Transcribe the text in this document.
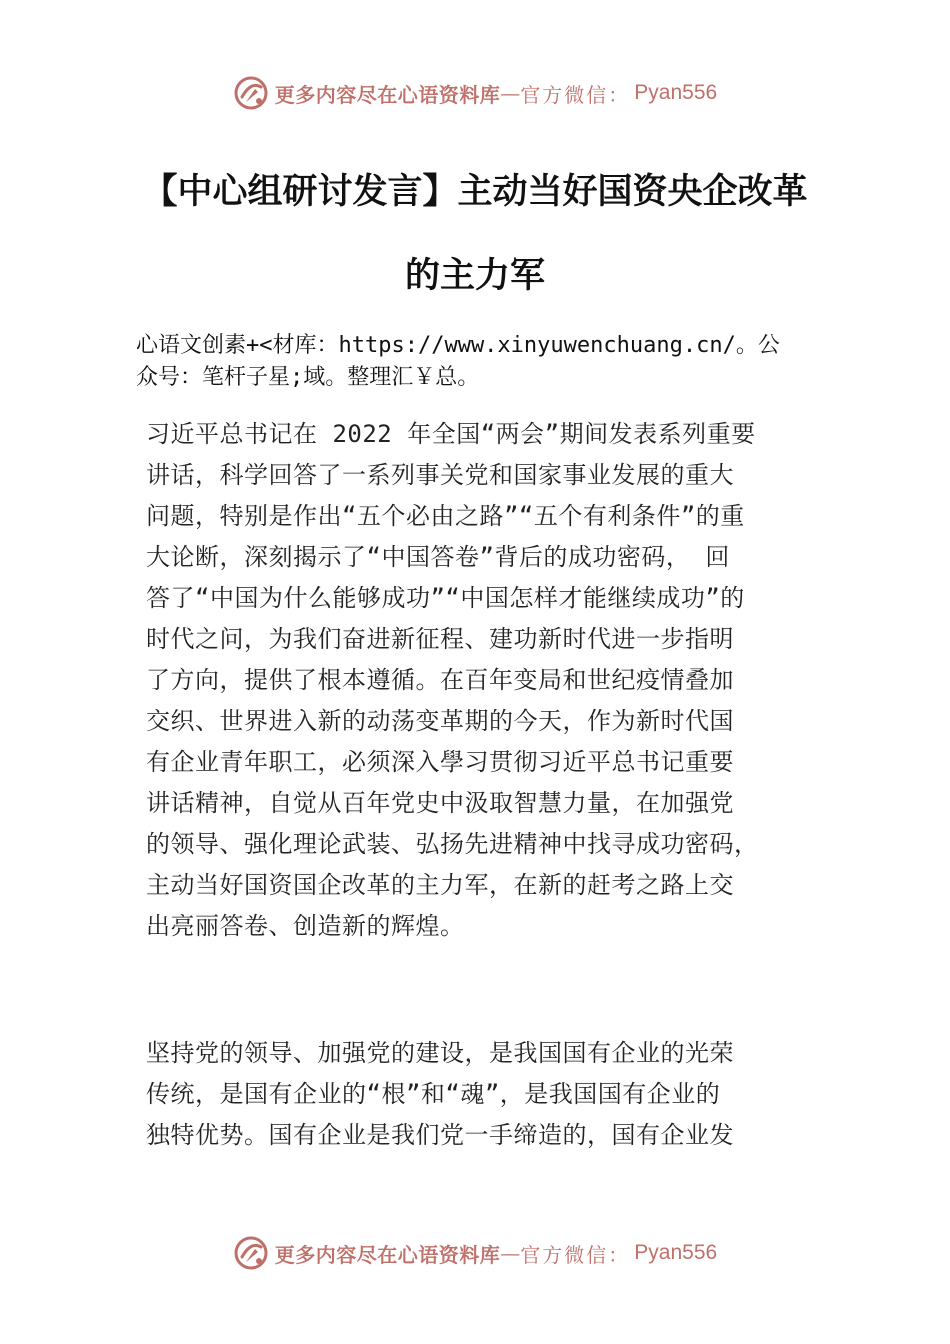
更多内容尽在心语资料库 — 官方微信： Pyan556
【中心组研讨发言】主动当好国资央企改革
的主力军
心语文创素+<材库：https://www.xinyuwenchuang.cn/。公
众号：笔杆子星;域。整理汇￥总。
习近平总书记在 2022 年全国“两会”期间发表系列重要
讲话，科学回答了一系列事关党和国家事业发展的重大
问题，特别是作出“五个必由之路”“五个有利条件”的重
大论断，深刻揭示了“中国答卷”背后的成功密码， 回
答了“中国为什么能够成功”“中国怎样才能继续成功”的
时代之问，为我们奋进新征程、建功新时代进一步指明
了方向，提供了根本遵循。在百年变局和世纪疫情叠加
交织、世界进入新的动荡变革期的今天，作为新时代国
有企业青年职工，必须深入學习贯彻习近平总书记重要
讲话精神，自觉从百年党史中汲取智慧力量，在加强党
的领导、强化理论武装、弘扬先进精神中找寻成功密码，
主动当好国资国企改革的主力军，在新的赶考之路上交
出亮丽答卷、创造新的辉煌。
坚持党的领导、加强党的建设，是我国国有企业的光荣
传统，是国有企业的“根”和“魂”，是我国国有企业的
独特优势。国有企业是我们党一手缔造的，国有企业发
更多内容尽在心语资料库 — 官方微信： Pyan556
